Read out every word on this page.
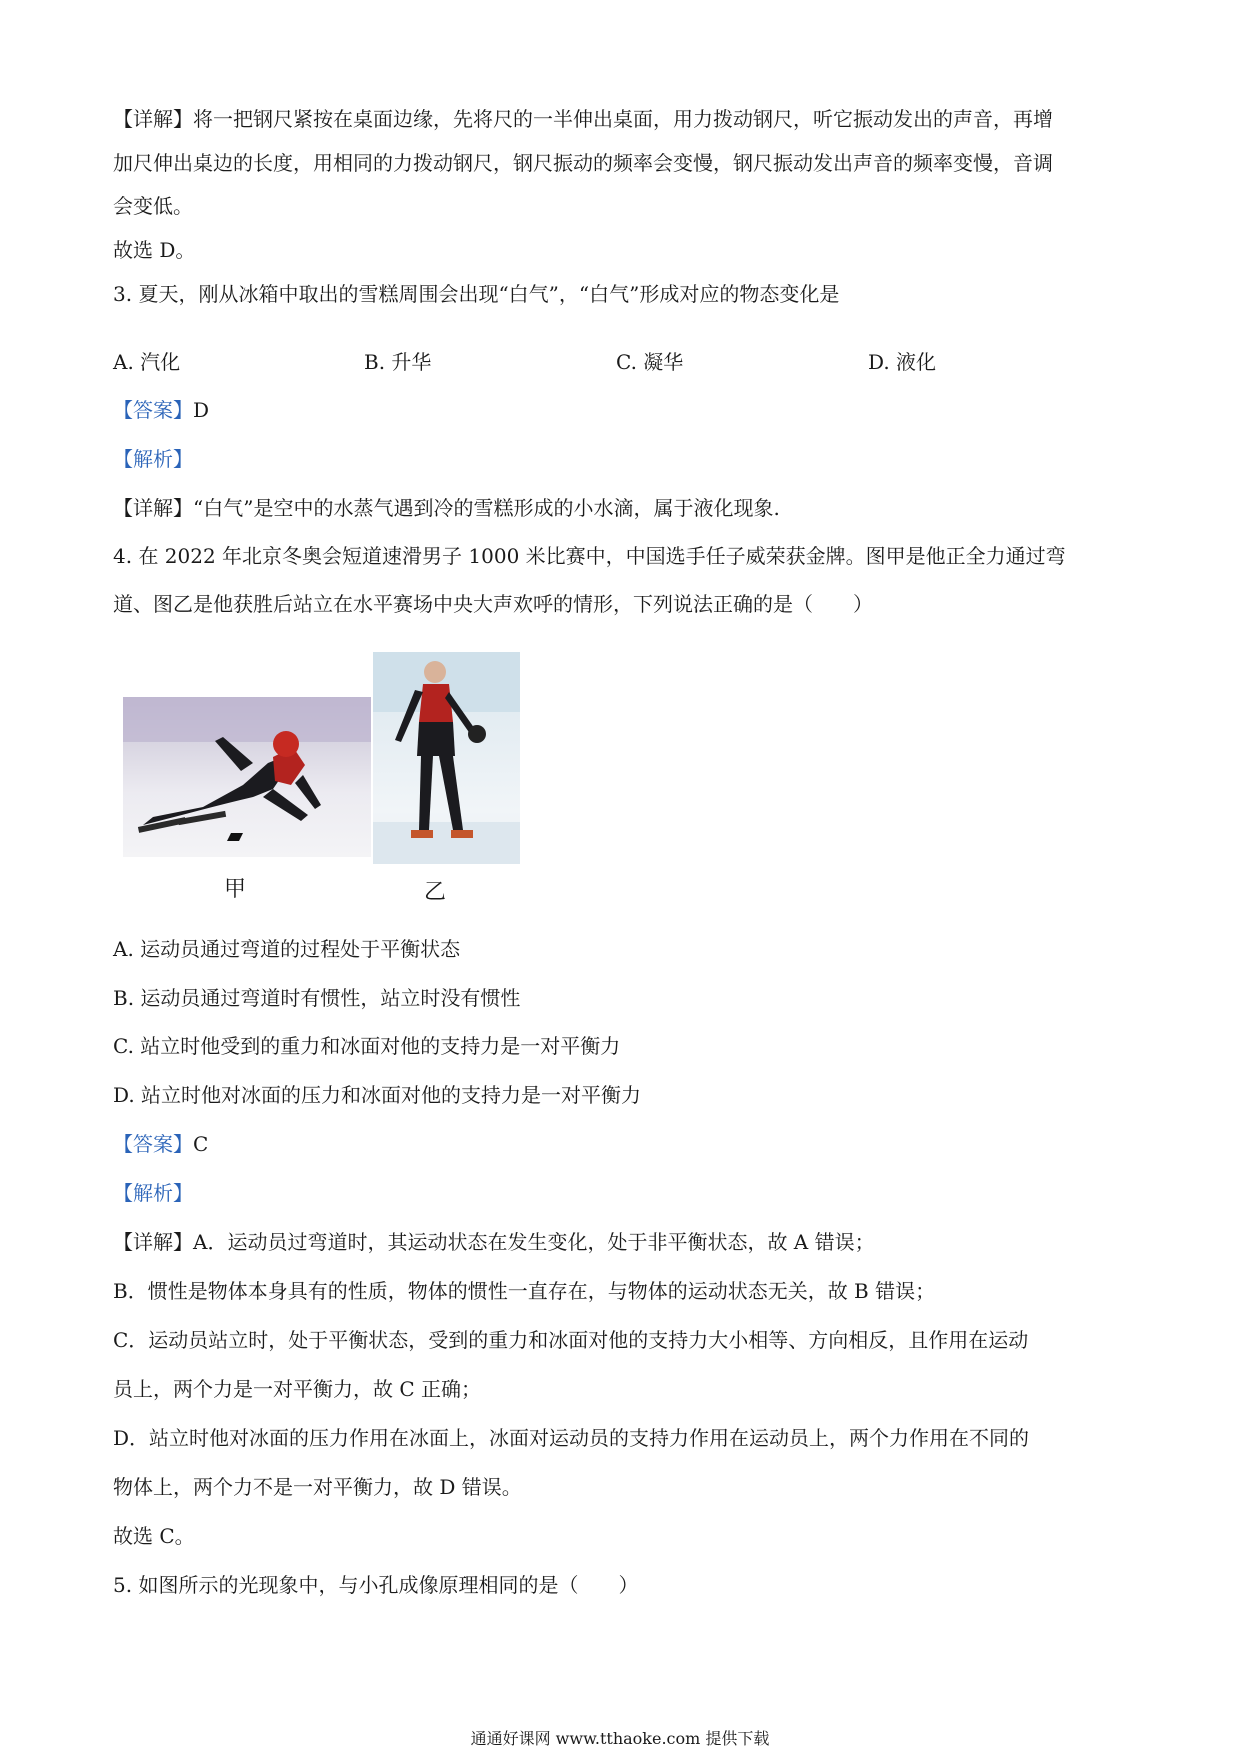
【详解】将一把钢尺紧按在桌面边缘，先将尺的一半伸出桌面，用力拨动钢尺，听它振动发出的声音，再增
加尺伸出桌边的长度，用相同的力拨动钢尺，钢尺振动的频率会变慢，钢尺振动发出声音的频率变慢，音调
会变低。
故选 D。
3. 夏天，刚从冰箱中取出的雪糕周围会出现“白气”，“白气”形成对应的物态变化是
A. 汽化	B. 升华	C. 凝华	D. 液化
【答案】D
【解析】
【详解】“白气”是空中的水蒸气遇到冷的雪糕形成的小水滴，属于液化现象.
4. 在 2022 年北京冬奥会短道速滑男子 1000 米比赛中，中国选手任子威荣获金牌。图甲是他正全力通过弯
道、图乙是他获胜后站立在水平赛场中央大声欢呼的情形，下列说法正确的是（　　）
甲	乙
A. 运动员通过弯道的过程处于平衡状态
B. 运动员通过弯道时有惯性，站立时没有惯性
C. 站立时他受到的重力和冰面对他的支持力是一对平衡力
D. 站立时他对冰面的压力和冰面对他的支持力是一对平衡力
【答案】C
【解析】
【详解】A．运动员过弯道时，其运动状态在发生变化，处于非平衡状态，故 A 错误；
B．惯性是物体本身具有的性质，物体的惯性一直存在，与物体的运动状态无关，故 B 错误；
C．运动员站立时，处于平衡状态，受到的重力和冰面对他的支持力大小相等、方向相反，且作用在运动
员上，两个力是一对平衡力，故 C 正确；
D．站立时他对冰面的压力作用在冰面上，冰面对运动员的支持力作用在运动员上，两个力作用在不同的
物体上，两个力不是一对平衡力，故 D 错误。
故选 C。
5. 如图所示的光现象中，与小孔成像原理相同的是（　　）
通通好课网 www.tthaoke.com 提供下载
